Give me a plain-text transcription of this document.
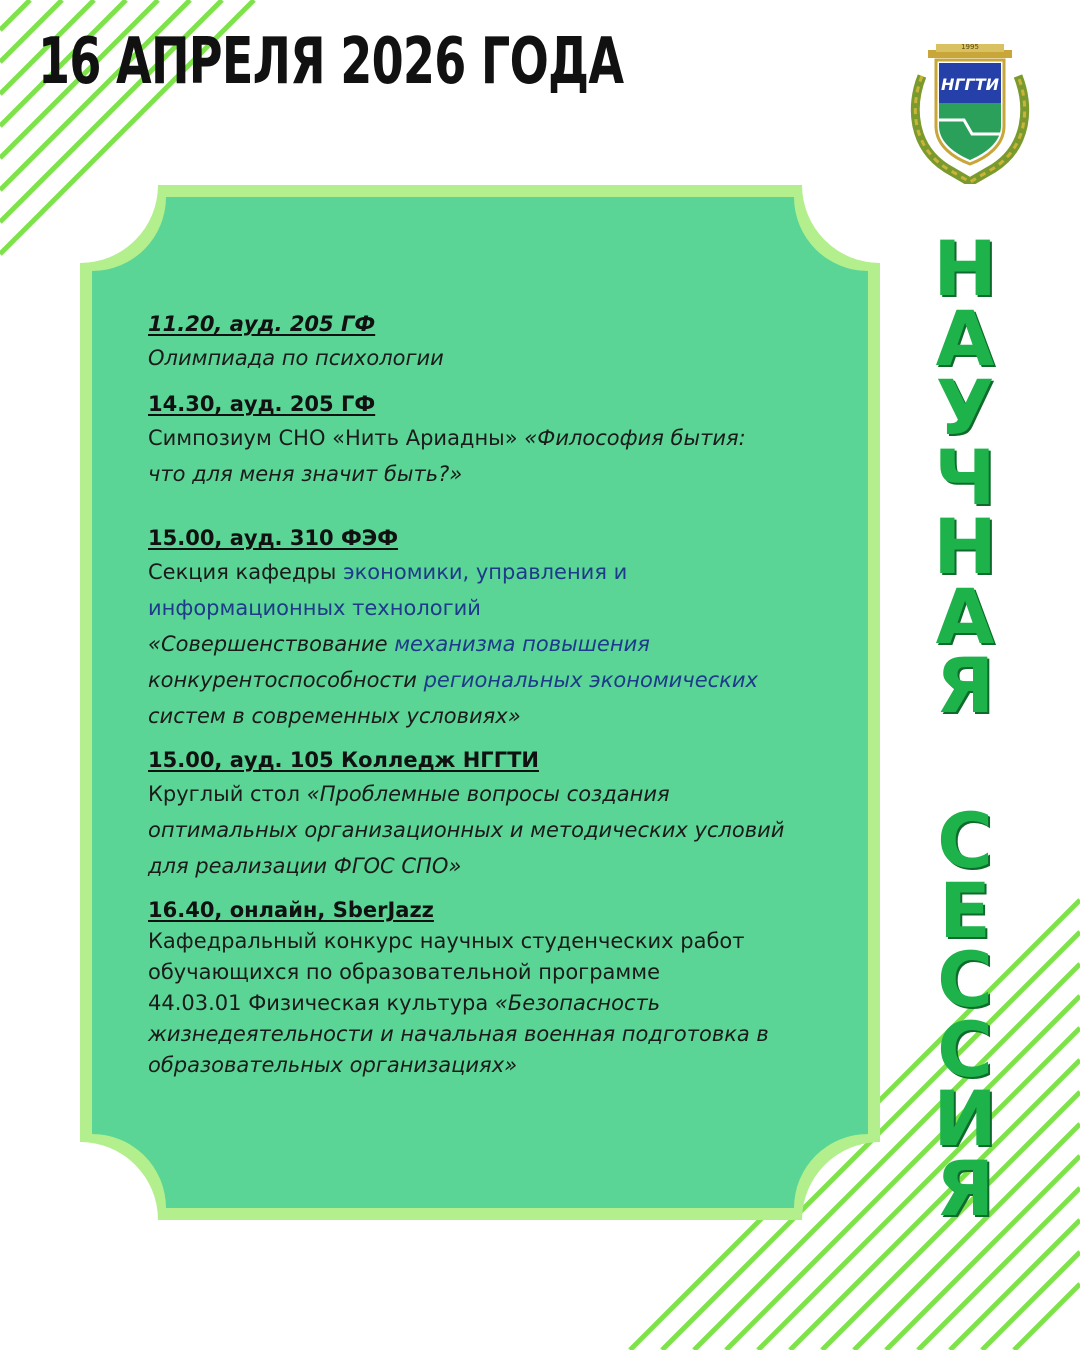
16 АПРЕЛЯ 2026 ГОДА	НГГТИ
1995

11.20, ауд. 205 ГФ

Олимпиада по психологии

14.30, ауд. 205 ГФ

Симпозиум СНО «Нить Ариадны» «Философия бытия:

что для меня значит быть?»

15.00, ауд. 310 ФЭФ

Секция кафедры экономики, управления и

информационных технологий

«Совершенствование механизма повышения

конкурентоспособности региональных экономических

систем в современных условиях»

15.00, ауд. 105 Колледж НГГТИ

Круглый стол «Проблемные вопросы создания

оптимальных организационных и методических условий

для реализации ФГОС СПО»

16.40, онлайн, SberJazz

Кафедральный конкурс научных студенческих работ

обучающихся по образовательной программе

44.03.01 Физическая культура «Безопасность

жизнедеятельности и начальная военная подготовка в

образовательных организациях»

Н
А
У
Ч
Н
А
Я
С
Е
С
С
И
Я
